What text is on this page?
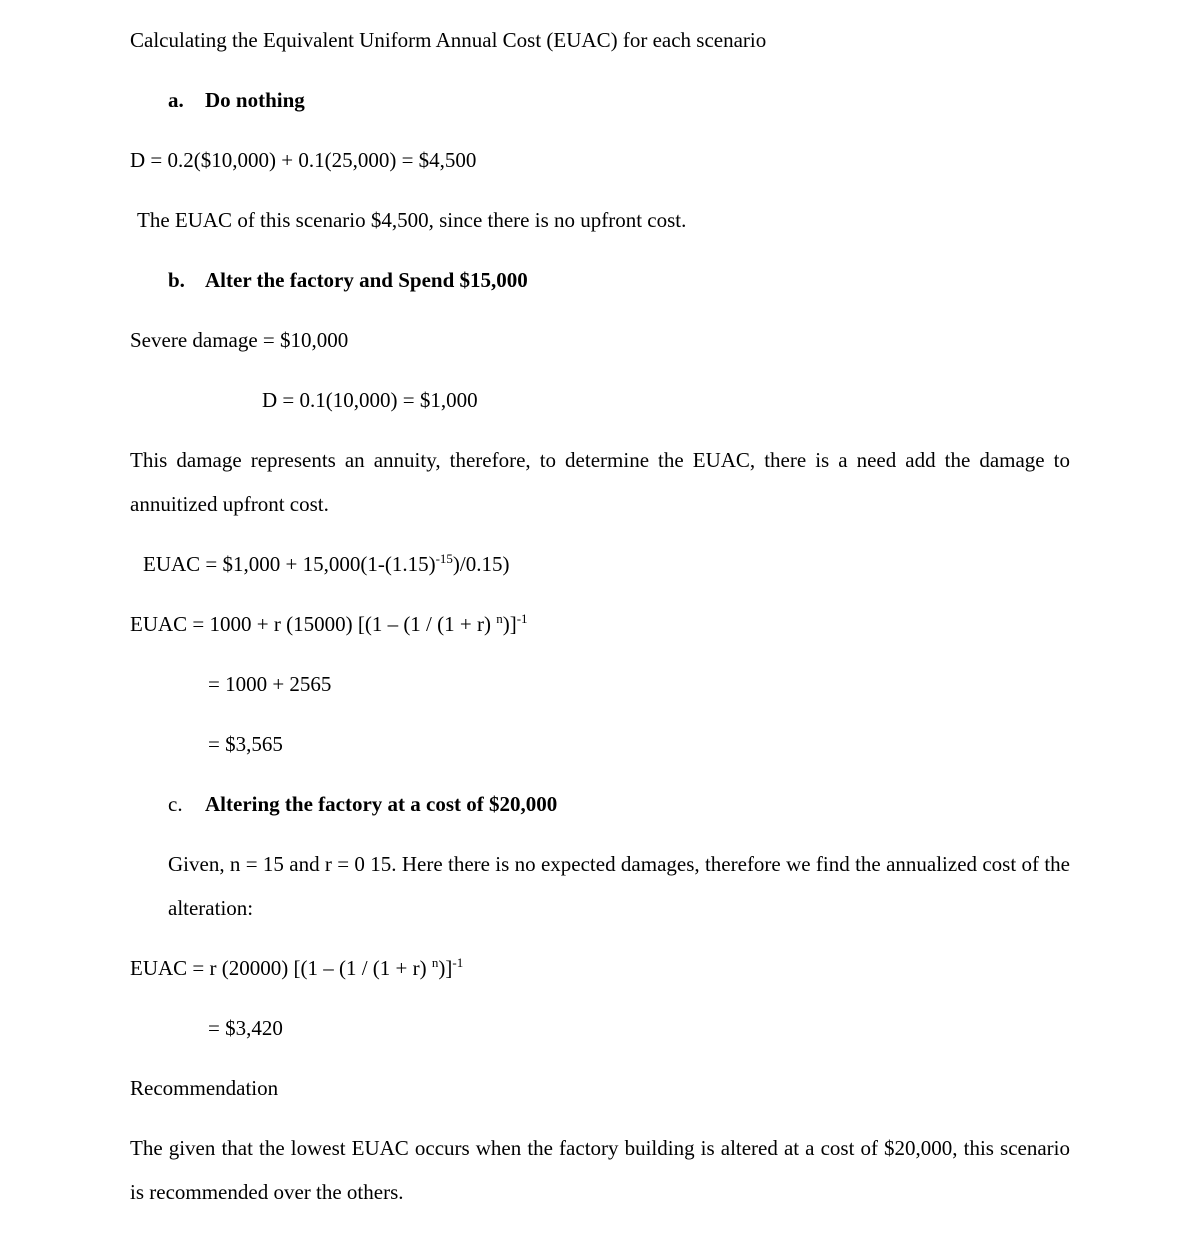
Calculating the Equivalent Uniform Annual Cost (EUAC) for each scenario

a. Do nothing

D = 0.2($10,000) + 0.1(25,000) = $4,500

The EUAC of this scenario $4,500, since there is no upfront cost.

b. Alter the factory and Spend $15,000

Severe damage = $10,000

D = 0.1(10,000) = $1,000

This damage represents an annuity, therefore, to determine the EUAC, there is a need add the damage to annuitized upfront cost.

EUAC = $1,000 + $15,000(1-(1.15)^{-15})/0.15$)

EUAC = 1000 + r (15000) [(1 – (1 / (1 + r) $^n$)]$^{-1}$

= 1000 + 2565

= $3,565

c. Altering the factory at a cost of $20,000

Given, n = 15 and r = 0 15. Here there is no expected damages, therefore we find the annualized cost of the alteration:

EUAC = r (20000) [(1 – (1 / (1 + r) $^n$)]$^{-1}$

= $3,420

Recommendation

The given that the lowest EUAC occurs when the factory building is altered at a cost of $20,000, this scenario is recommended over the others.
